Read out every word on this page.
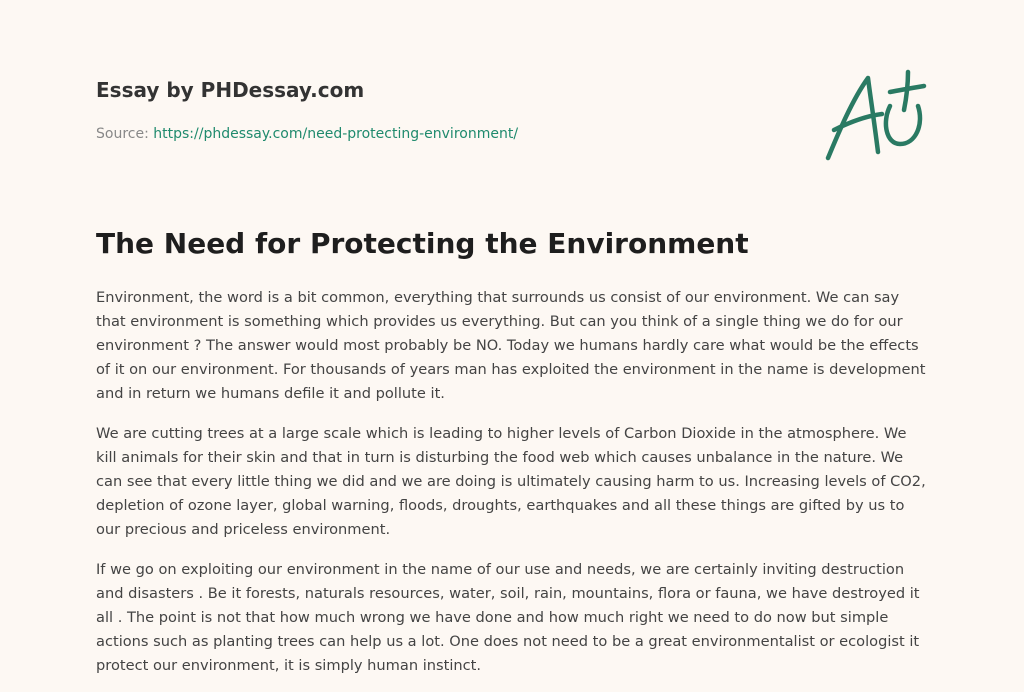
Essay by PHDessay.com
Source: https://phdessay.com/need-protecting-environment/
The Need for Protecting the Environment

Environment, the word is a bit common, everything that surrounds us consist of our environment. We can say that environment is something which provides us everything. But can you think of a single thing we do for our environment ? The answer would most probably be NO. Today we humans hardly care what would be the effects of it on our environment. For thousands of years man has exploited the environment in the name is development and in return we humans defile it and pollute it.

We are cutting trees at a large scale which is leading to higher levels of Carbon Dioxide in the atmosphere. We kill animals for their skin and that in turn is disturbing the food web which causes unbalance in the nature. We can see that every little thing we did and we are doing is ultimately causing harm to us. Increasing levels of CO2, depletion of ozone layer, global warning, floods, droughts, earthquakes and all these things are gifted by us to our precious and priceless environment.

If we go on exploiting our environment in the name of our use and needs, we are certainly inviting destruction and disasters . Be it forests, naturals resources, water, soil, rain, mountains, flora or fauna, we have destroyed it all . The point is not that how much wrong we have done and how much right we need to do now but simple actions such as planting trees can help us a lot. One does not need to be a great environmentalist or ecologist it protect our environment, it is simply human instinct.
